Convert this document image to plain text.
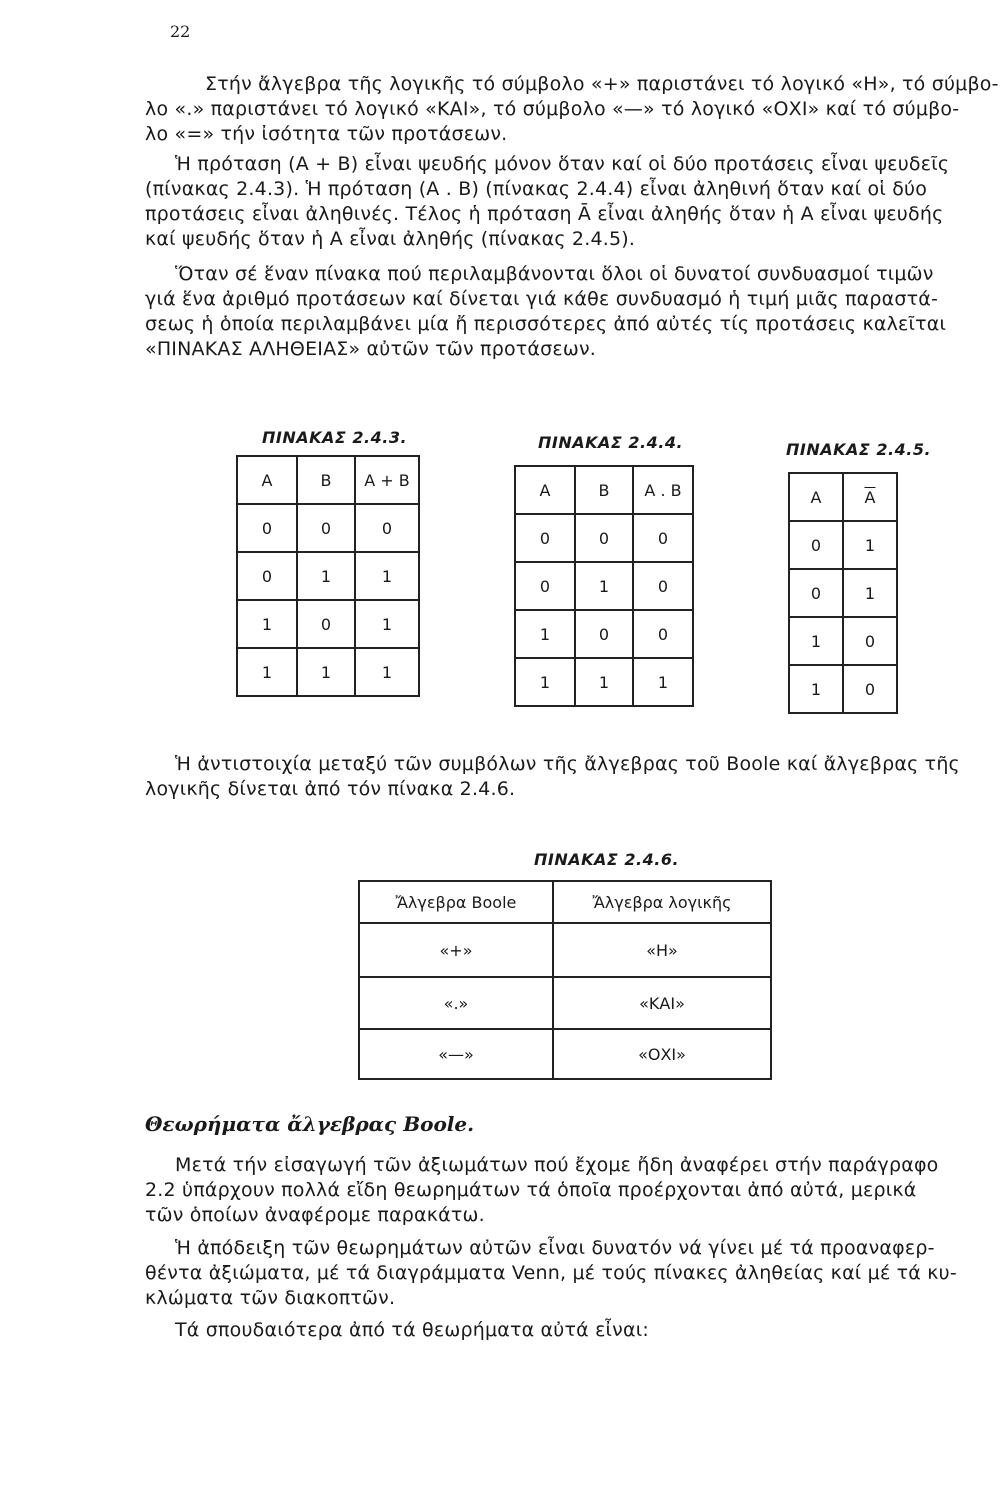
22

Στήν ἄλγεβρα τῆς λογικῆς τό σύμβολο «+» παριστάνει τό λογικό «Η», τό σύμβο-
λο «.» παριστάνει τό λογικό «ΚΑΙ», τό σύμβολο «—» τό λογικό «ΟΧΙ» καί τό σύμβο-
λο «=» τήν ἰσότητα τῶν προτάσεων.

Ἡ πρόταση (A + B) εἶναι ψευδής μόνον ὅταν καί οἱ δύο προτάσεις εἶναι ψευδεῖς
(πίνακας 2.4.3). Ἡ πρόταση (A . B) (πίνακας 2.4.4) εἶναι ἀληθινή ὅταν καί οἱ δύο
προτάσεις εἶναι ἀληθινές. Τέλος ἡ πρόταση Ā εἶναι ἀληθής ὅταν ἡ A εἶναι ψευδής
καί ψευδής ὅταν ἡ A εἶναι ἀληθής (πίνακας 2.4.5).

Ὅταν σέ ἕναν πίνακα πού περιλαμβάνονται ὅλοι οἱ δυνατοί συνδυασμοί τιμῶν
γιά ἕνα ἀριθμό προτάσεων καί δίνεται γιά κάθε συνδυασμό ἡ τιμή μιᾶς παραστά-
σεως ἡ ὁποία περιλαμβάνει μία ἤ περισσότερες ἀπό αὐτές τίς προτάσεις καλεῖται
«ΠΙΝΑΚΑΣ ΑΛΗΘΕΙΑΣ» αὐτῶν τῶν προτάσεων.

ΠΙΝΑΚΑΣ 2.4.3.
A	B	A + B
0	0	0
0	1	1
1	0	1
1	1	1
ΠΙΝΑΚΑΣ 2.4.4.
A	B	A . B
0	0	0
0	1	0
1	0	0
1	1	1
ΠΙΝΑΚΑΣ 2.4.5.
A	$\overline{A}$
0	1
0	1
1	0
1	0

Ἡ ἀντιστοιχία μεταξύ τῶν συμβόλων τῆς ἄλγεβρας τοῦ Boole καί ἄλγεβρας τῆς
λογικῆς δίνεται ἀπό τόν πίνακα 2.4.6.

ΠΙΝΑΚΑΣ 2.4.6.
Ἄλγεβρα Boole	Ἄλγεβρα λογικῆς
«+»	«Η»
«.»	«ΚΑΙ»
«—»	«ΟΧΙ»
Θεωρήματα ἄλγεβρας Boole.

Μετά τήν εἰσαγωγή τῶν ἀξιωμάτων πού ἔχομε ἤδη ἀναφέρει στήν παράγραφο
2.2 ὑπάρχουν πολλά εἴδη θεωρημάτων τά ὁποῖα προέρχονται ἀπό αὐτά, μερικά
τῶν ὁποίων ἀναφέρομε παρακάτω.

Ἡ ἀπόδειξη τῶν θεωρημάτων αὐτῶν εἶναι δυνατόν νά γίνει μέ τά προαναφερ-
θέντα ἀξιώματα, μέ τά διαγράμματα Venn, μέ τούς πίνακες ἀληθείας καί μέ τά κυ-
κλώματα τῶν διακοπτῶν.

Τά σπουδαιότερα ἀπό τά θεωρήματα αὐτά εἶναι:
